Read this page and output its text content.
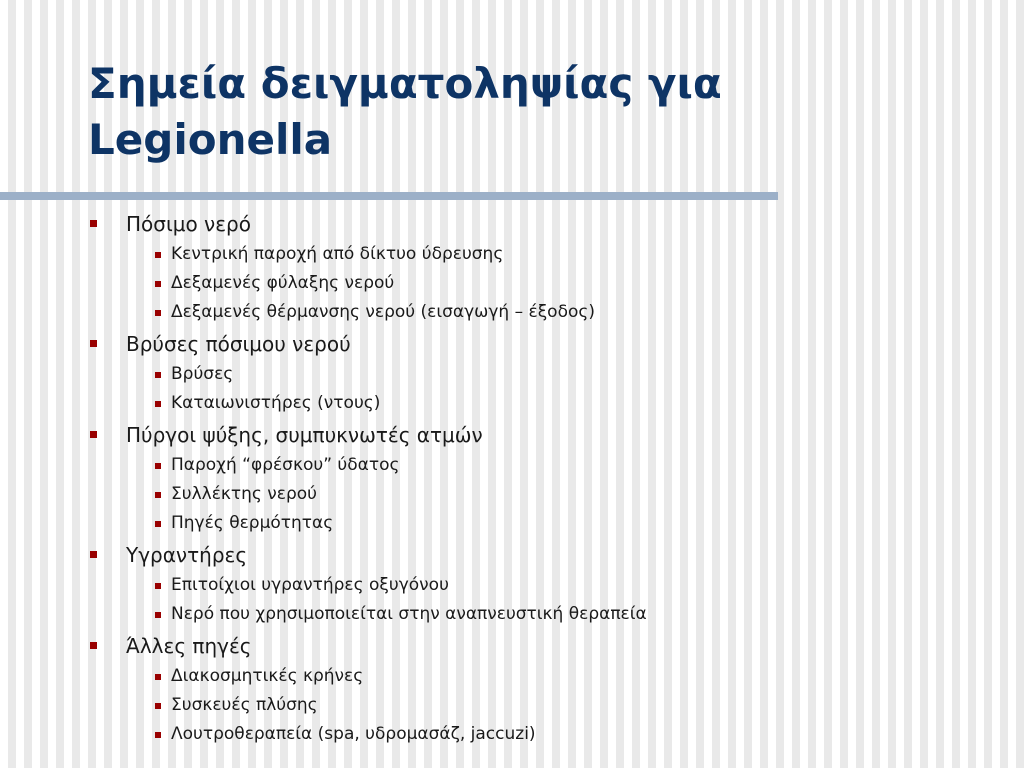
Σημεία δειγματοληψίας για
Legionella
Πόσιμο νερό
Κεντρική παροχή από δίκτυο ύδρευσης
Δεξαμενές φύλαξης νερού
Δεξαμενές θέρμανσης νερού (εισαγωγή – έξοδος)
Βρύσες πόσιμου νερού
Βρύσες
Καταιωνιστήρες (ντους)
Πύργοι ψύξης, συμπυκνωτές ατμών
Παροχή “φρέσκου” ύδατος
Συλλέκτης νερού
Πηγές θερμότητας
Υγραντήρες
Επιτοίχιοι υγραντήρες οξυγόνου
Νερό που χρησιμοποιείται στην αναπνευστική θεραπεία
Άλλες πηγές
Διακοσμητικές κρήνες
Συσκευές πλύσης
Λουτροθεραπεία (spa, υδρομασάζ, jaccuzi)
